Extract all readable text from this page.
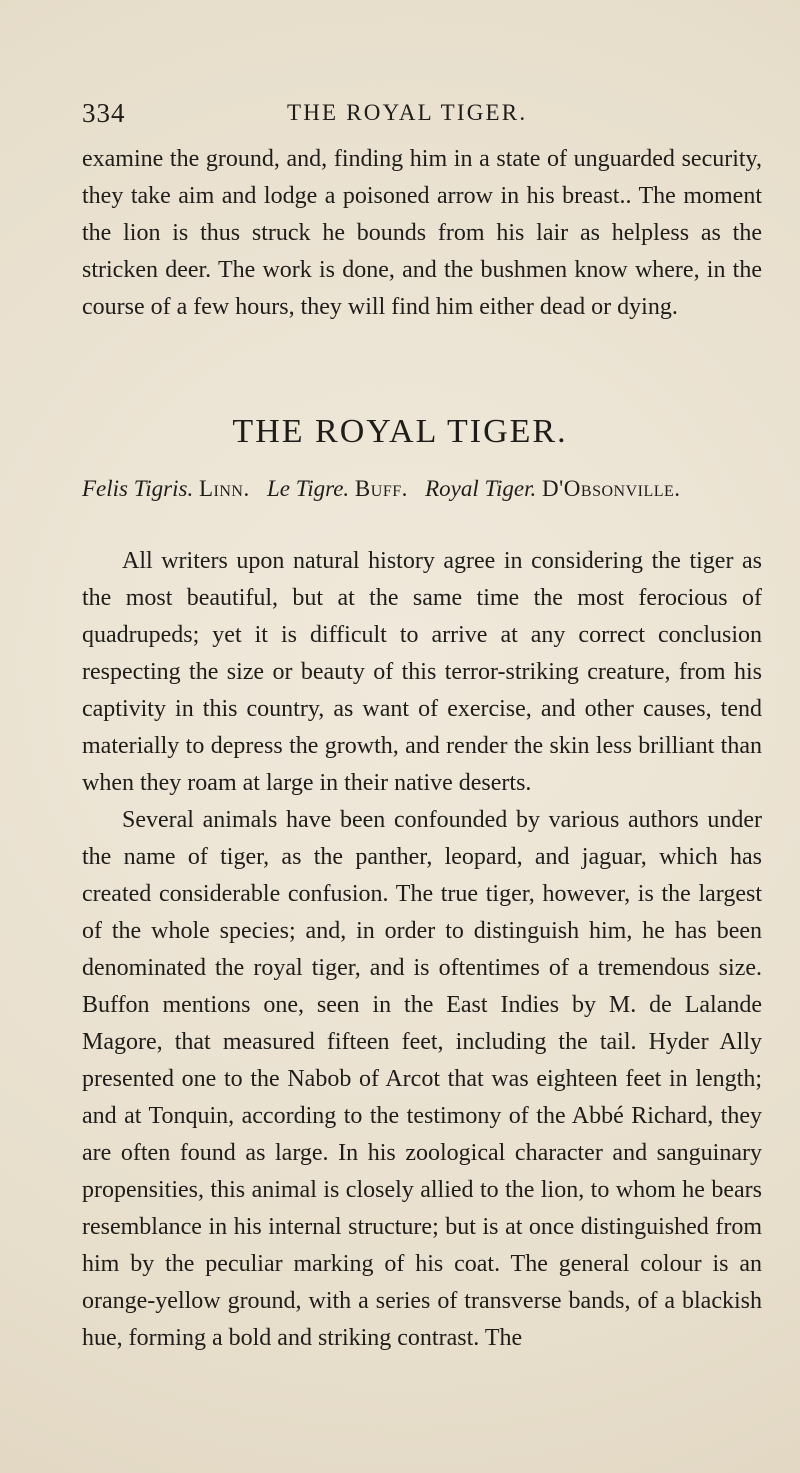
334	THE ROYAL TIGER.

examine the ground, and, finding him in a state of unguarded security, they take aim and lodge a poisoned arrow in his breast.. The moment the lion is thus struck he bounds from his lair as helpless as the stricken deer. The work is done, and the bushmen know where, in the course of a few hours, they will find him either dead or dying.

THE ROYAL TIGER.

Felis Tigris. Linn. Le Tigre. Buff. Royal Tiger. D'Obsonville.

All writers upon natural history agree in considering the tiger as the most beautiful, but at the same time the most ferocious of quadrupeds; yet it is difficult to arrive at any correct conclusion respecting the size or beauty of this terror-striking creature, from his captivity in this country, as want of exercise, and other causes, tend materially to depress the growth, and render the skin less brilliant than when they roam at large in their native deserts.

Several animals have been confounded by various authors under the name of tiger, as the panther, leopard, and jaguar, which has created considerable confusion. The true tiger, however, is the largest of the whole species; and, in order to distinguish him, he has been denominated the royal tiger, and is oftentimes of a tremendous size. Buffon mentions one, seen in the East Indies by M. de Lalande Magore, that measured fifteen feet, including the tail. Hyder Ally presented one to the Nabob of Arcot that was eighteen feet in length; and at Tonquin, according to the testimony of the Abbé Richard, they are often found as large. In his zoological character and sanguinary propensities, this animal is closely allied to the lion, to whom he bears resemblance in his internal structure; but is at once distinguished from him by the peculiar marking of his coat. The general colour is an orange-yellow ground, with a series of transverse bands, of a blackish hue, forming a bold and striking contrast. The
